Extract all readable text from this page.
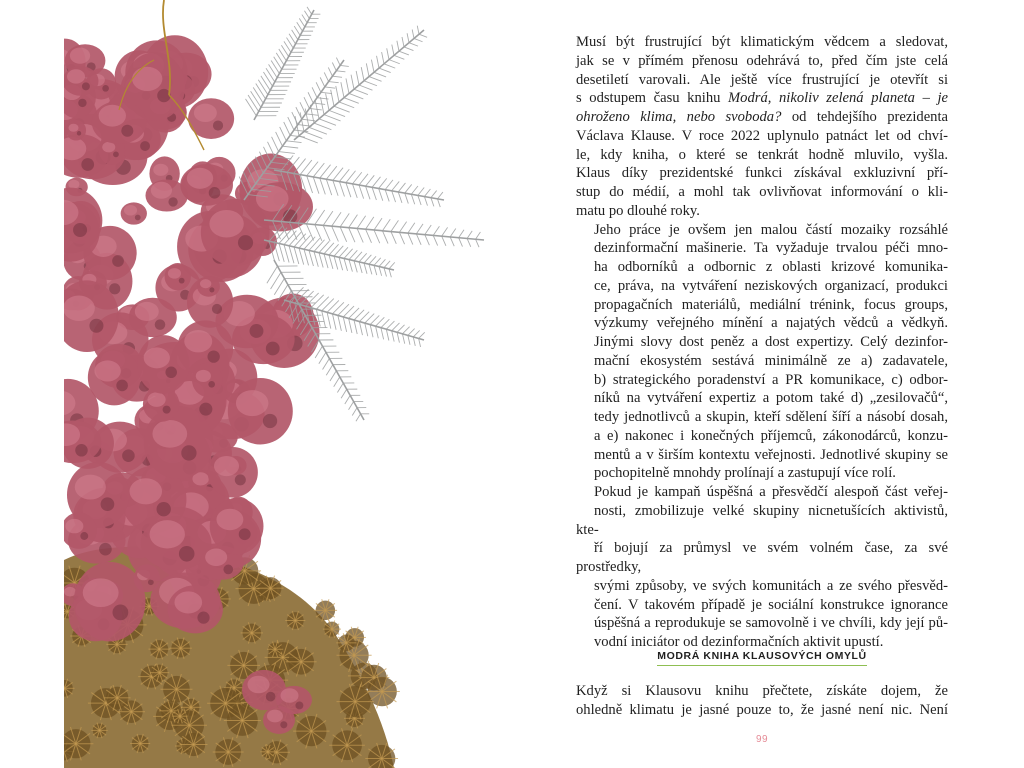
Musí být frustrující být klimatickým vědcem a sledovat,
jak se v přímém přenosu odehrává to, před čím jste celá
desetiletí varovali. Ale ještě více frustrující je otevřít si
s odstupem času knihu Modrá, nikoliv zelená planeta – je
ohroženo klima, nebo svoboda? od tehdejšího prezidenta
Václava Klause. V roce 2022 uplynulo patnáct let od chví-
le, kdy kniha, o které se tenkrát hodně mluvilo, vyšla.
Klaus díky prezidentské funkci získával exkluzivní pří-
stup do médií, a mohl tak ovlivňovat informování o kli-
matu po dlouhé roky.
Jeho práce je ovšem jen malou částí mozaiky rozsáhlé
dezinformační mašinerie. Ta vyžaduje trvalou péči mno-
ha odborníků a odbornic z oblasti krizové komunika-
ce, práva, na vytváření neziskových organizací, produkci
propagačních materiálů, mediální trénink, focus groups,
výzkumy veřejného mínění a najatých vědců a vědkyň.
Jinými slovy dost peněz a dost expertizy. Celý dezinfor-
mační ekosystém sestává minimálně ze a) zadavatele,
b) strategického poradenství a PR komunikace, c) odbor-
níků na vytváření expertiz a potom také d) „zesilovačů“,
tedy jednotlivců a skupin, kteří sdělení šíří a násobí dosah,
a e) nakonec i konečných příjemců, zákonodárců, konzu-
mentů a v širším kontextu veřejnosti. Jednotlivé skupiny se
pochopitelně mnohdy prolínají a zastupují více rolí.
Pokud je kampaň úspěšná a přesvědčí alespoň část veřej-
nosti, zmobilizuje velké skupiny nicnetušících aktivistů, kte-
ří bojují za průmysl ve svém volném čase, za své prostředky,
svými způsoby, ve svých komunitách a ze svého přesvěd-
čení. V takovém případě je sociální konstrukce ignorance
úspěšná a reprodukuje se samovolně i ve chvíli, kdy její pů-
vodní iniciátor od dezinformačních aktivit upustí.
MODRÁ KNIHA KLAUSOVÝCH OMYLŮ
Když si Klausovu knihu přečtete, získáte dojem, že
ohledně klimatu je jasné pouze to, že jasné není nic. Není
99
